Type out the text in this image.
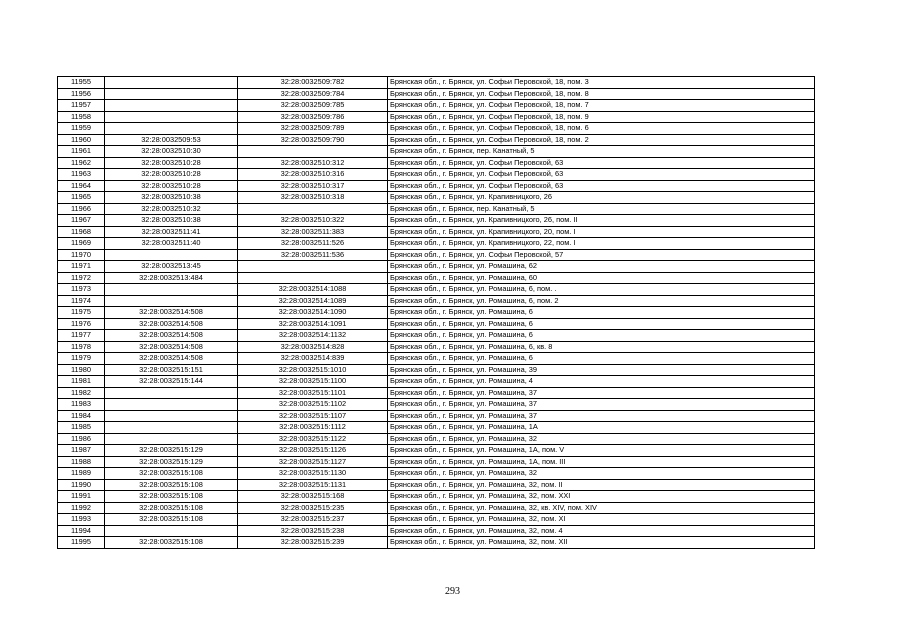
11955		32:28:0032509:782	Брянская обл., г. Брянск, ул. Софьи Перовской, 18, пом. 3
11956		32:28:0032509:784	Брянская обл., г. Брянск, ул. Софьи Перовской, 18, пом. 8
11957		32:28:0032509:785	Брянская обл., г. Брянск, ул. Софьи Перовской, 18, пом. 7
11958		32:28:0032509:786	Брянская обл., г. Брянск, ул. Софьи Перовской, 18, пом. 9
11959		32:28:0032509:789	Брянская обл., г. Брянск, ул. Софьи Перовской, 18, пом. 6
11960	32:28:0032509:53	32:28:0032509:790	Брянская обл., г. Брянск, ул. Софьи Перовской, 18, пом. 2
11961	32:28:0032510:30		Брянская обл., г. Брянск, пер. Канатный, 5
11962	32:28:0032510:28	32:28:0032510:312	Брянская обл., г. Брянск, ул. Софьи Перовской, 63
11963	32:28:0032510:28	32:28:0032510:316	Брянская обл., г. Брянск, ул. Софьи Перовской, 63
11964	32:28:0032510:28	32:28:0032510:317	Брянская обл., г. Брянск, ул. Софьи Перовской, 63
11965	32:28:0032510:38	32:28:0032510:318	Брянская обл., г. Брянск, ул. Крапивницкого, 26
11966	32:28:0032510:32		Брянская обл., г. Брянск, пер. Канатный, 5
11967	32:28:0032510:38	32:28:0032510:322	Брянская обл., г. Брянск, ул. Крапивницкого, 26, пом. II
11968	32:28:0032511:41	32:28:0032511:383	Брянская обл., г. Брянск, ул. Крапивницкого, 20, пом. I
11969	32:28:0032511:40	32:28:0032511:526	Брянская обл., г. Брянск, ул. Крапивницкого, 22, пом. I
11970		32:28:0032511:536	Брянская обл., г. Брянск, ул. Софьи Перовской, 57
11971	32:28:0032513:45		Брянская обл., г. Брянск, ул. Ромашина, 62
11972	32:28:0032513:484		Брянская обл., г. Брянск, ул. Ромашина, 60
11973		32:28:0032514:1088	Брянская обл., г. Брянск, ул. Ромашина, 6, пом. .
11974		32:28:0032514:1089	Брянская обл., г. Брянск, ул. Ромашина, 6, пом. 2
11975	32:28:0032514:508	32:28:0032514:1090	Брянская обл., г. Брянск, ул. Ромашина, 6
11976	32:28:0032514:508	32:28:0032514:1091	Брянская обл., г. Брянск, ул. Ромашина, 6
11977	32:28:0032514:508	32:28:0032514:1132	Брянская обл., г. Брянск, ул. Ромашина, 6
11978	32:28:0032514:508	32:28:0032514:828	Брянская обл., г. Брянск, ул. Ромашина, 6, кв. 8
11979	32:28:0032514:508	32:28:0032514:839	Брянская обл., г. Брянск, ул. Ромашина, 6
11980	32:28:0032515:151	32:28:0032515:1010	Брянская обл., г. Брянск, ул. Ромашина, 39
11981	32:28:0032515:144	32:28:0032515:1100	Брянская обл., г. Брянск, ул. Ромашина, 4
11982		32:28:0032515:1101	Брянская обл., г. Брянск, ул. Ромашина, 37
11983		32:28:0032515:1102	Брянская обл., г. Брянск, ул. Ромашина, 37
11984		32:28:0032515:1107	Брянская обл., г. Брянск, ул. Ромашина, 37
11985		32:28:0032515:1112	Брянская обл., г. Брянск, ул. Ромашина, 1А
11986		32:28:0032515:1122	Брянская обл., г. Брянск, ул. Ромашина, 32
11987	32:28:0032515:129	32:28:0032515:1126	Брянская обл., г. Брянск, ул. Ромашина, 1А, пом. V
11988	32:28:0032515:129	32:28:0032515:1127	Брянская обл., г. Брянск, ул. Ромашина, 1А, пом. III
11989	32:28:0032515:108	32:28:0032515:1130	Брянская обл., г. Брянск, ул. Ромашина, 32
11990	32:28:0032515:108	32:28:0032515:1131	Брянская обл., г. Брянск, ул. Ромашина, 32, пом. II
11991	32:28:0032515:108	32:28:0032515:168	Брянская обл., г. Брянск, ул. Ромашина, 32, пом. XXI
11992	32:28:0032515:108	32:28:0032515:235	Брянская обл., г. Брянск, ул. Ромашина, 32, кв. XIV, пом. XIV
11993	32:28:0032515:108	32:28:0032515:237	Брянская обл., г. Брянск, ул. Ромашина, 32, пом. XI
11994		32:28:0032515:238	Брянская обл., г. Брянск, ул. Ромашина, 32, пом. 4
11995	32:28:0032515:108	32:28:0032515:239	Брянская обл., г. Брянск, ул. Ромашина, 32, пом. XII
293
